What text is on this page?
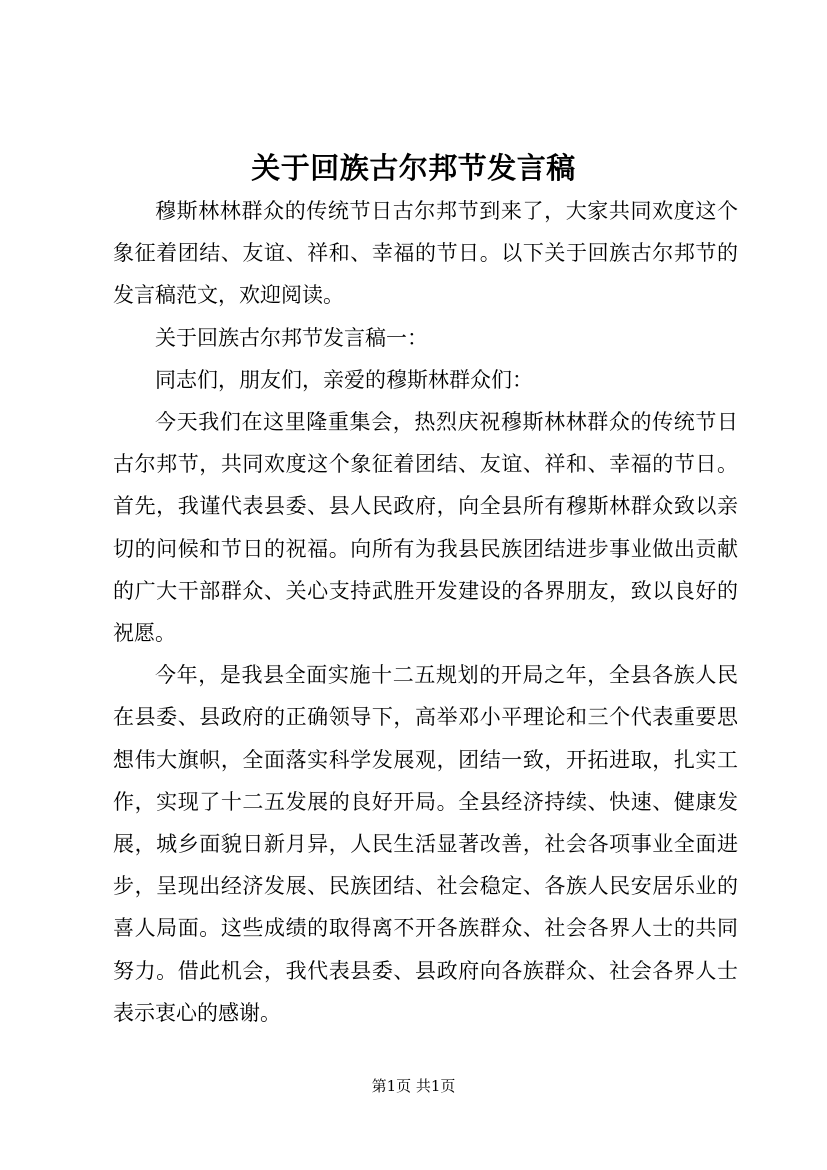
关于回族古尔邦节发言稿

穆斯林林群众的传统节日古尔邦节到来了，大家共同欢度这个象征着团结、友谊、祥和、幸福的节日。以下关于回族古尔邦节的发言稿范文，欢迎阅读。

关于回族古尔邦节发言稿一：

同志们，朋友们，亲爱的穆斯林群众们：

今天我们在这里隆重集会，热烈庆祝穆斯林林群众的传统节日古尔邦节，共同欢度这个象征着团结、友谊、祥和、幸福的节日。首先，我谨代表县委、县人民政府，向全县所有穆斯林群众致以亲切的问候和节日的祝福。向所有为我县民族团结进步事业做出贡献的广大干部群众、关心支持武胜开发建设的各界朋友，致以良好的祝愿。

今年，是我县全面实施十二五规划的开局之年，全县各族人民在县委、县政府的正确领导下，高举邓小平理论和三个代表重要思想伟大旗帜，全面落实科学发展观，团结一致，开拓进取，扎实工作，实现了十二五发展的良好开局。全县经济持续、快速、健康发展，城乡面貌日新月异，人民生活显著改善，社会各项事业全面进步，呈现出经济发展、民族团结、社会稳定、各族人民安居乐业的喜人局面。这些成绩的取得离不开各族群众、社会各界人士的共同努力。借此机会，我代表县委、县政府向各族群众、社会各界人士表示衷心的感谢。

第1页 共1页
